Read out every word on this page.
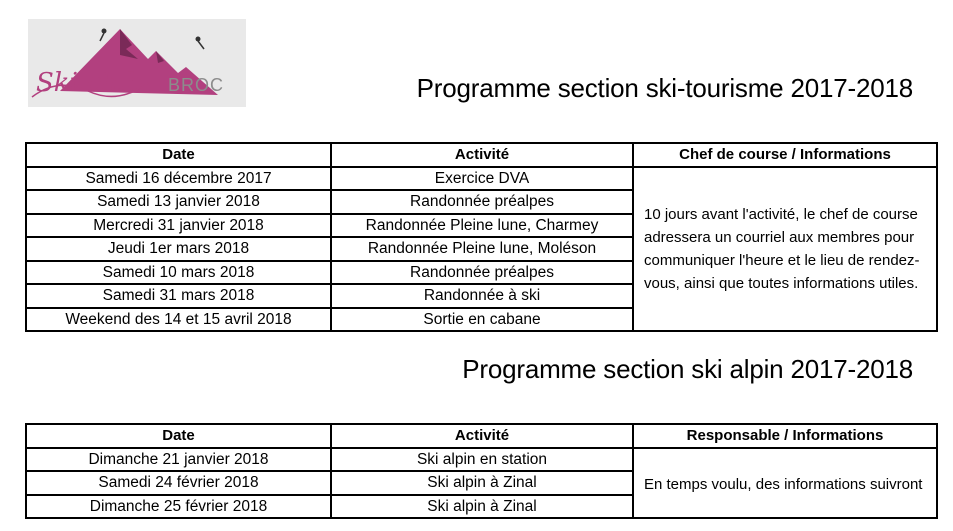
Ski-club BROC	Programme section ski-tourisme 2017-2018
Date	Activité	Chef de course / Informations
Samedi 16 décembre 2017	Exercice DVA	10 jours avant l'activité, le chef de course adressera un courriel aux membres pour communiquer l'heure et le lieu de rendez-vous, ainsi que toutes informations utiles.
Samedi 13 janvier 2018	Randonnée préalpes	
Mercredi 31 janvier 2018	Randonnée Pleine lune, Charmey	
Jeudi 1er mars 2018	Randonnée Pleine lune, Moléson	
Samedi 10 mars 2018	Randonnée préalpes	
Samedi 31 mars 2018	Randonnée à ski	
Weekend des 14 et 15 avril 2018	Sortie en cabane	
Programme section ski alpin 2017-2018
Date	Activité	Responsable / Informations
Dimanche 21 janvier 2018	Ski alpin en station	En temps voulu, des informations suivront
Samedi 24 février 2018	Ski alpin à Zinal	
Dimanche 25 février 2018	Ski alpin à Zinal	
